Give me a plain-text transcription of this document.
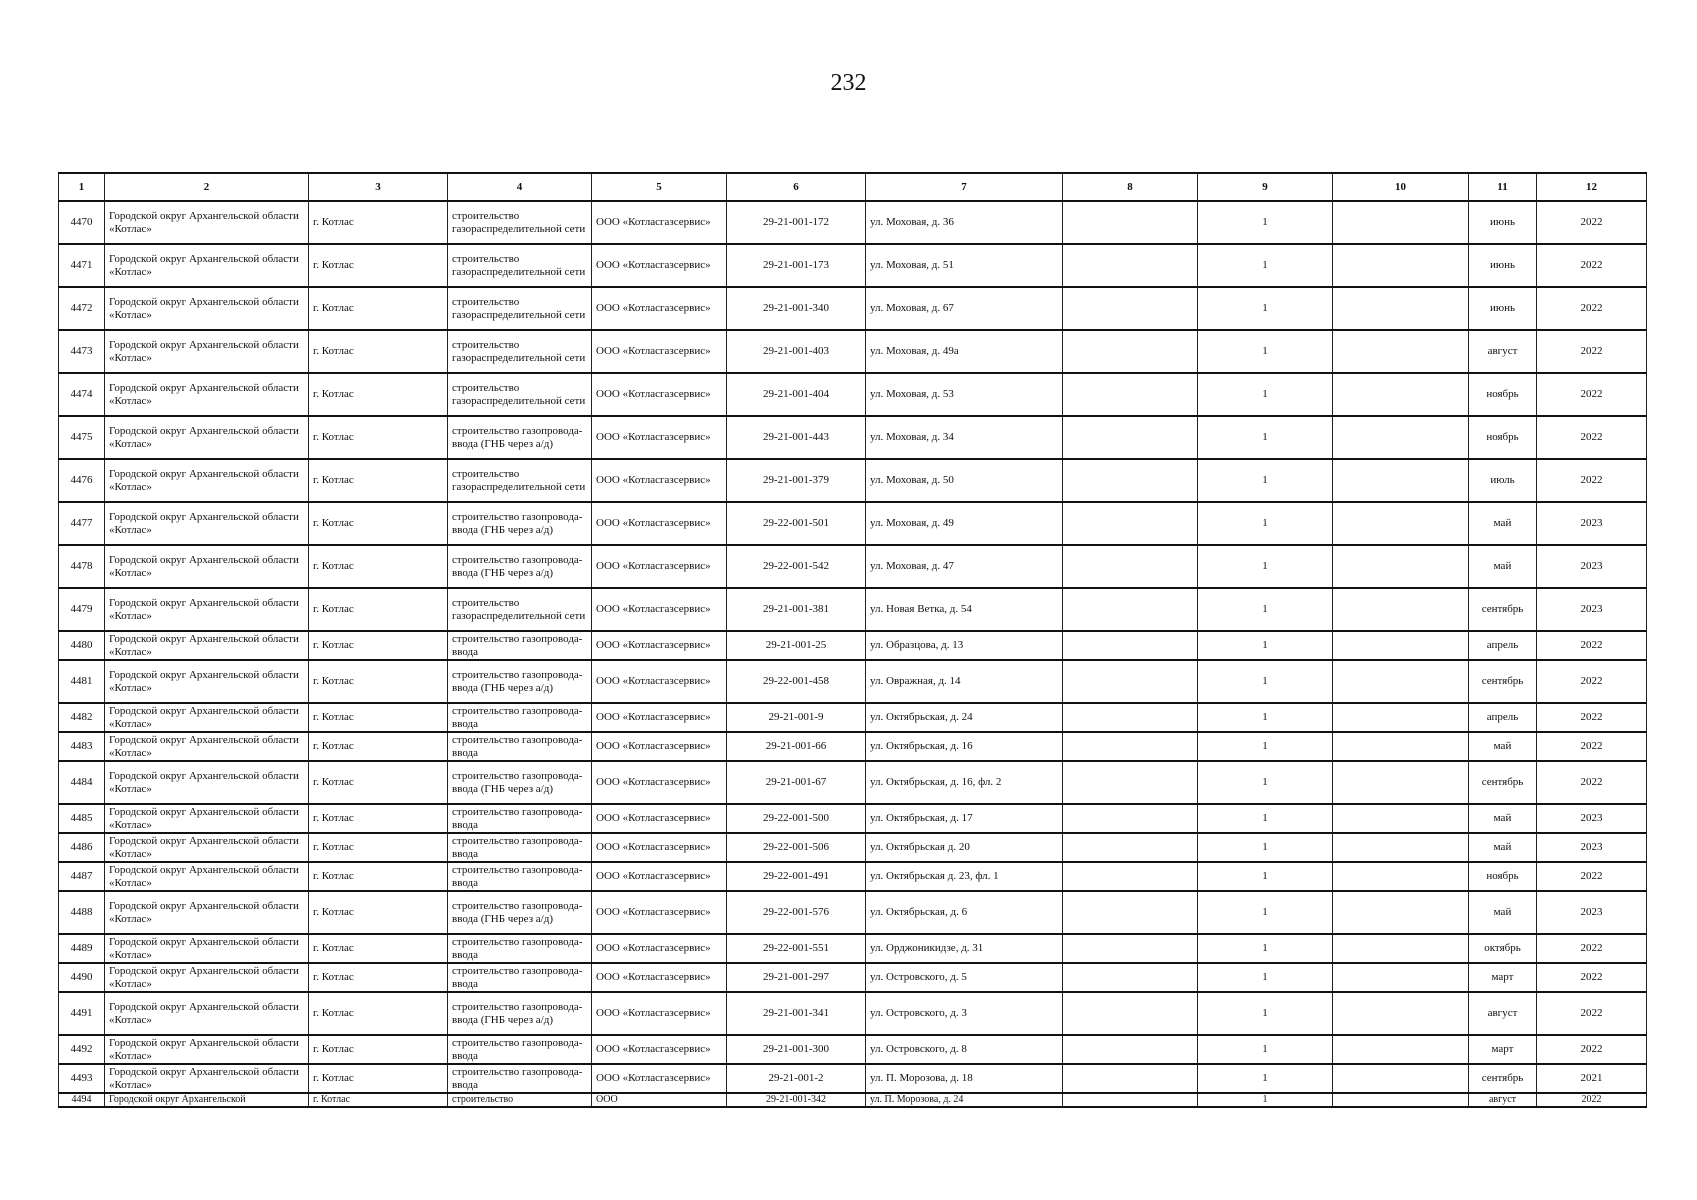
232
1	2	3	4	5	6	7	8	9	10	11	12
4470	Городской округ Архангельской области «Котлас»	г. Котлас	строительство газораспределительной сети	ООО «Котласгазсервис»	29-21-001-172	ул. Моховая, д. 36		1		июнь	2022
4471	Городской округ Архангельской области «Котлас»	г. Котлас	строительство газораспределительной сети	ООО «Котласгазсервис»	29-21-001-173	ул. Моховая, д. 51		1		июнь	2022
4472	Городской округ Архангельской области «Котлас»	г. Котлас	строительство газораспределительной сети	ООО «Котласгазсервис»	29-21-001-340	ул. Моховая, д. 67		1		июнь	2022
4473	Городской округ Архангельской области «Котлас»	г. Котлас	строительство газораспределительной сети	ООО «Котласгазсервис»	29-21-001-403	ул. Моховая, д. 49а		1		август	2022
4474	Городской округ Архангельской области «Котлас»	г. Котлас	строительство газораспределительной сети	ООО «Котласгазсервис»	29-21-001-404	ул. Моховая, д. 53		1		ноябрь	2022
4475	Городской округ Архангельской области «Котлас»	г. Котлас	строительство газопровода-ввода (ГНБ через а/д)	ООО «Котласгазсервис»	29-21-001-443	ул. Моховая, д. 34		1		ноябрь	2022
4476	Городской округ Архангельской области «Котлас»	г. Котлас	строительство газораспределительной сети	ООО «Котласгазсервис»	29-21-001-379	ул. Моховая, д. 50		1		июль	2022
4477	Городской округ Архангельской области «Котлас»	г. Котлас	строительство газопровода-ввода (ГНБ через а/д)	ООО «Котласгазсервис»	29-22-001-501	ул. Моховая, д. 49		1		май	2023
4478	Городской округ Архангельской области «Котлас»	г. Котлас	строительство газопровода-ввода (ГНБ через а/д)	ООО «Котласгазсервис»	29-22-001-542	ул. Моховая, д. 47		1		май	2023
4479	Городской округ Архангельской области «Котлас»	г. Котлас	строительство газораспределительной сети	ООО «Котласгазсервис»	29-21-001-381	ул. Новая Ветка, д. 54		1		сентябрь	2023
4480	Городской округ Архангельской области «Котлас»	г. Котлас	строительство газопровода-ввода	ООО «Котласгазсервис»	29-21-001-25	ул. Образцова, д. 13		1		апрель	2022
4481	Городской округ Архангельской области «Котлас»	г. Котлас	строительство газопровода-ввода (ГНБ через а/д)	ООО «Котласгазсервис»	29-22-001-458	ул. Овражная, д. 14		1		сентябрь	2022
4482	Городской округ Архангельской области «Котлас»	г. Котлас	строительство газопровода-ввода	ООО «Котласгазсервис»	29-21-001-9	ул. Октябрьская, д. 24		1		апрель	2022
4483	Городской округ Архангельской области «Котлас»	г. Котлас	строительство газопровода-ввода	ООО «Котласгазсервис»	29-21-001-66	ул. Октябрьская, д. 16		1		май	2022
4484	Городской округ Архангельской области «Котлас»	г. Котлас	строительство газопровода-ввода (ГНБ через а/д)	ООО «Котласгазсервис»	29-21-001-67	ул. Октябрьская, д. 16, фл. 2		1		сентябрь	2022
4485	Городской округ Архангельской области «Котлас»	г. Котлас	строительство газопровода-ввода	ООО «Котласгазсервис»	29-22-001-500	ул. Октябрьская, д. 17		1		май	2023
4486	Городской округ Архангельской области «Котлас»	г. Котлас	строительство газопровода-ввода	ООО «Котласгазсервис»	29-22-001-506	ул. Октябрьская д. 20		1		май	2023
4487	Городской округ Архангельской области «Котлас»	г. Котлас	строительство газопровода-ввода	ООО «Котласгазсервис»	29-22-001-491	ул. Октябрьская д. 23, фл. 1		1		ноябрь	2022
4488	Городской округ Архангельской области «Котлас»	г. Котлас	строительство газопровода-ввода (ГНБ через а/д)	ООО «Котласгазсервис»	29-22-001-576	ул. Октябрьская, д. 6		1		май	2023
4489	Городской округ Архангельской области «Котлас»	г. Котлас	строительство газопровода-ввода	ООО «Котласгазсервис»	29-22-001-551	ул. Орджоникидзе, д. 31		1		октябрь	2022
4490	Городской округ Архангельской области «Котлас»	г. Котлас	строительство газопровода-ввода	ООО «Котласгазсервис»	29-21-001-297	ул. Островского, д. 5		1		март	2022
4491	Городской округ Архангельской области «Котлас»	г. Котлас	строительство газопровода-ввода (ГНБ через а/д)	ООО «Котласгазсервис»	29-21-001-341	ул. Островского, д. 3		1		август	2022
4492	Городской округ Архангельской области «Котлас»	г. Котлас	строительство газопровода-ввода	ООО «Котласгазсервис»	29-21-001-300	ул. Островского, д. 8		1		март	2022
4493	Городской округ Архангельской области «Котлас»	г. Котлас	строительство газопровода-ввода	ООО «Котласгазсервис»	29-21-001-2	ул. П. Морозова, д. 18		1		сентябрь	2021
4494	Городской округ Архангельской	г. Котлас	строительство	ООО	29-21-001-342	ул. П. Морозова, д. 24		1		август	2022
